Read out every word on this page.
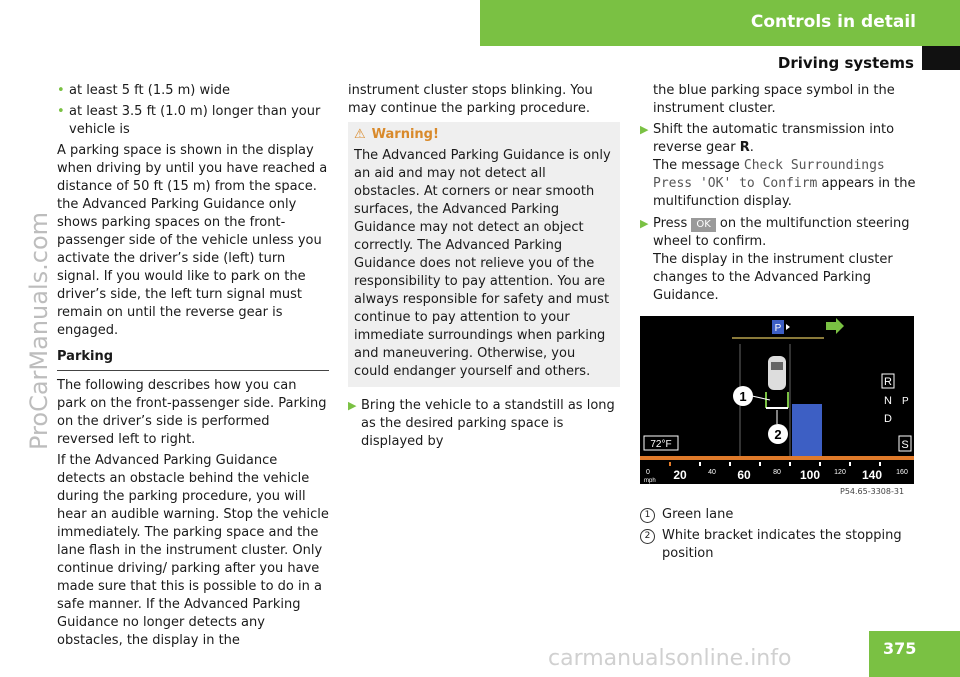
Controls in detail
Driving systems
ProCarManuals.com
• at least 5 ft (1.5 m) wide
• at least 3.5 ft (1.0 m) longer than your vehicle is

A parking space is shown in the display when driving by until you have reached a distance of 50 ft (15 m) from the space. the Advanced Parking Guidance only shows parking spaces on the front-passenger side of the vehicle unless you activate the driver’s side (left) turn signal. If you would like to park on the driver’s side, the left turn signal must remain on until the reverse gear is engaged.

Parking

The following describes how you can park on the front-passenger side. Parking on the driver’s side is performed reversed left to right.

If the Advanced Parking Guidance detects an obstacle behind the vehicle during the parking procedure, you will hear an audible warning. Stop the vehicle immediately. The parking space and the lane flash in the instrument cluster. Only continue driving/ parking after you have made sure that this is possible to do in a safe manner. If the Advanced Parking Guidance no longer detects any obstacles, the display in the

instrument cluster stops blinking. You may continue the parking procedure.

⚠ Warning!
The Advanced Parking Guidance is only an aid and may not detect all obstacles. At corners or near smooth surfaces, the Advanced Parking Guidance may not detect an object correctly. The Advanced Parking Guidance does not relieve you of the responsibility to pay attention. You are always responsible for safety and must continue to pay attention to your immediate surroundings when parking and maneuvering. Otherwise, you could endanger yourself and others.
▶ Bring the vehicle to a standstill as long as the desired parking space is displayed by

the blue parking space symbol in the instrument cluster.

▶ Shift the automatic transmission into reverse gear R.
The message Check Surroundings Press 'OK' to Confirm appears in the multifunction display.
▶ Press OK on the multifunction steering wheel to confirm.
The display in the instrument cluster changes to the Advanced Parking Guidance.
P
1
2
R
N
D
P
S
72°F
0
mph 20	40 60	80 100 120 140 160
P54.65-3308-31
1 Green lane
2 White bracket indicates the stopping position
375
carmanualsonline.info
